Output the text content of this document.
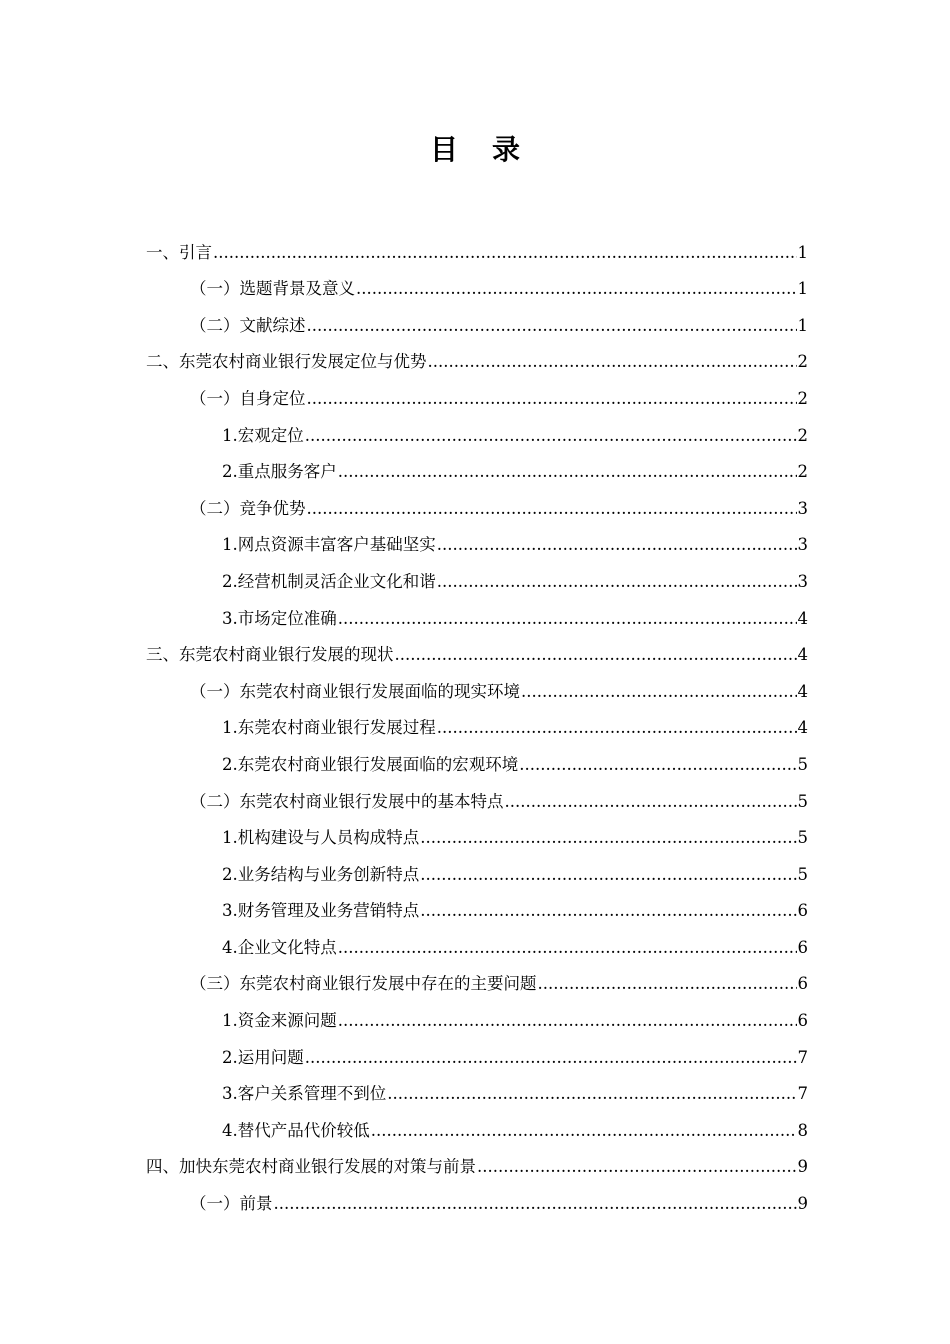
目 录
一、引言 .....	1
（一）选题背景及意义 .....	1
（二）文献综述 .....	1
二、东莞农村商业银行发展定位与优势 .....	2
（一）自身定位 .....	2
1.宏观定位 .....	2
2.重点服务客户 .....	2
（二）竞争优势 .....	3
1.网点资源丰富客户基础坚实 .....	3
2.经营机制灵活企业文化和谐 .....	3
3.市场定位准确 .....	4
三、东莞农村商业银行发展的现状 .....	4
（一）东莞农村商业银行发展面临的现实环境 .....	4
1.东莞农村商业银行发展过程 .....	4
2.东莞农村商业银行发展面临的宏观环境 .....	5
（二）东莞农村商业银行发展中的基本特点 .....	5
1.机构建设与人员构成特点 .....	5
2.业务结构与业务创新特点 .....	5
3.财务管理及业务营销特点 .....	6
4.企业文化特点 .....	6
（三）东莞农村商业银行发展中存在的主要问题 .....	6
1.资金来源问题 .....	6
2.运用问题 .....	7
3.客户关系管理不到位 .....	7
4.替代产品代价较低 .....	8
四、加快东莞农村商业银行发展的对策与前景 .....	9
（一）前景 .....	9
